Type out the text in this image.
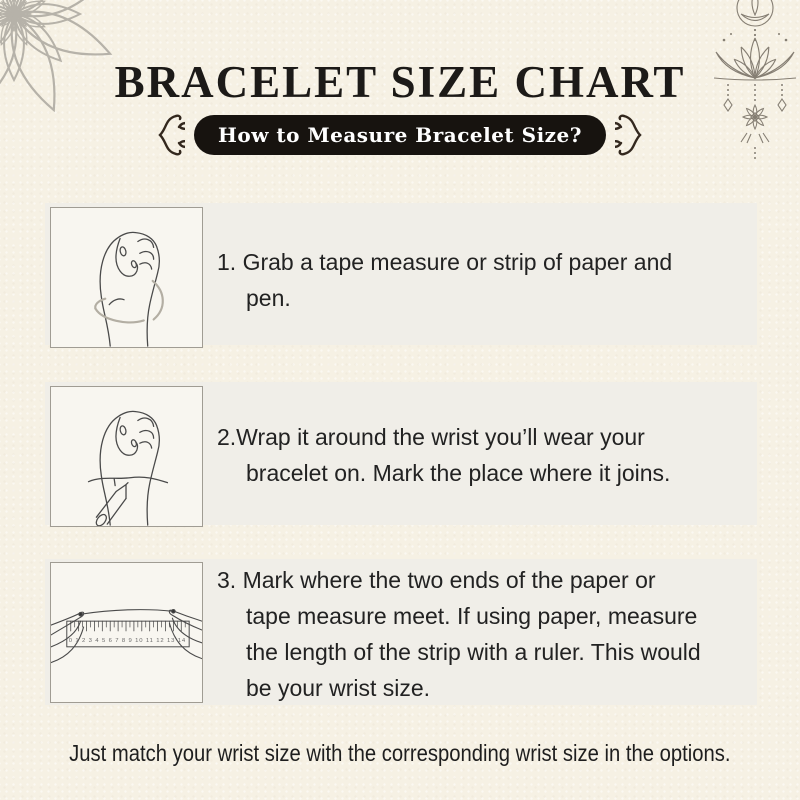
BRACELET SIZE CHART
How to Measure Bracelet Size?
0 1 2 3 4 5 6 7 8 9 10 11 12 13 14
1. Grab a tape measure or strip of paper and
pen.
2.Wrap it around the wrist you’ll wear your
bracelet on. Mark the place where it joins.
3. Mark where the two ends of the paper or
tape measure meet. If using paper, measure
the length of the strip with a ruler. This would
be your wrist size.
Just match your wrist size with the corresponding wrist size in the options.
